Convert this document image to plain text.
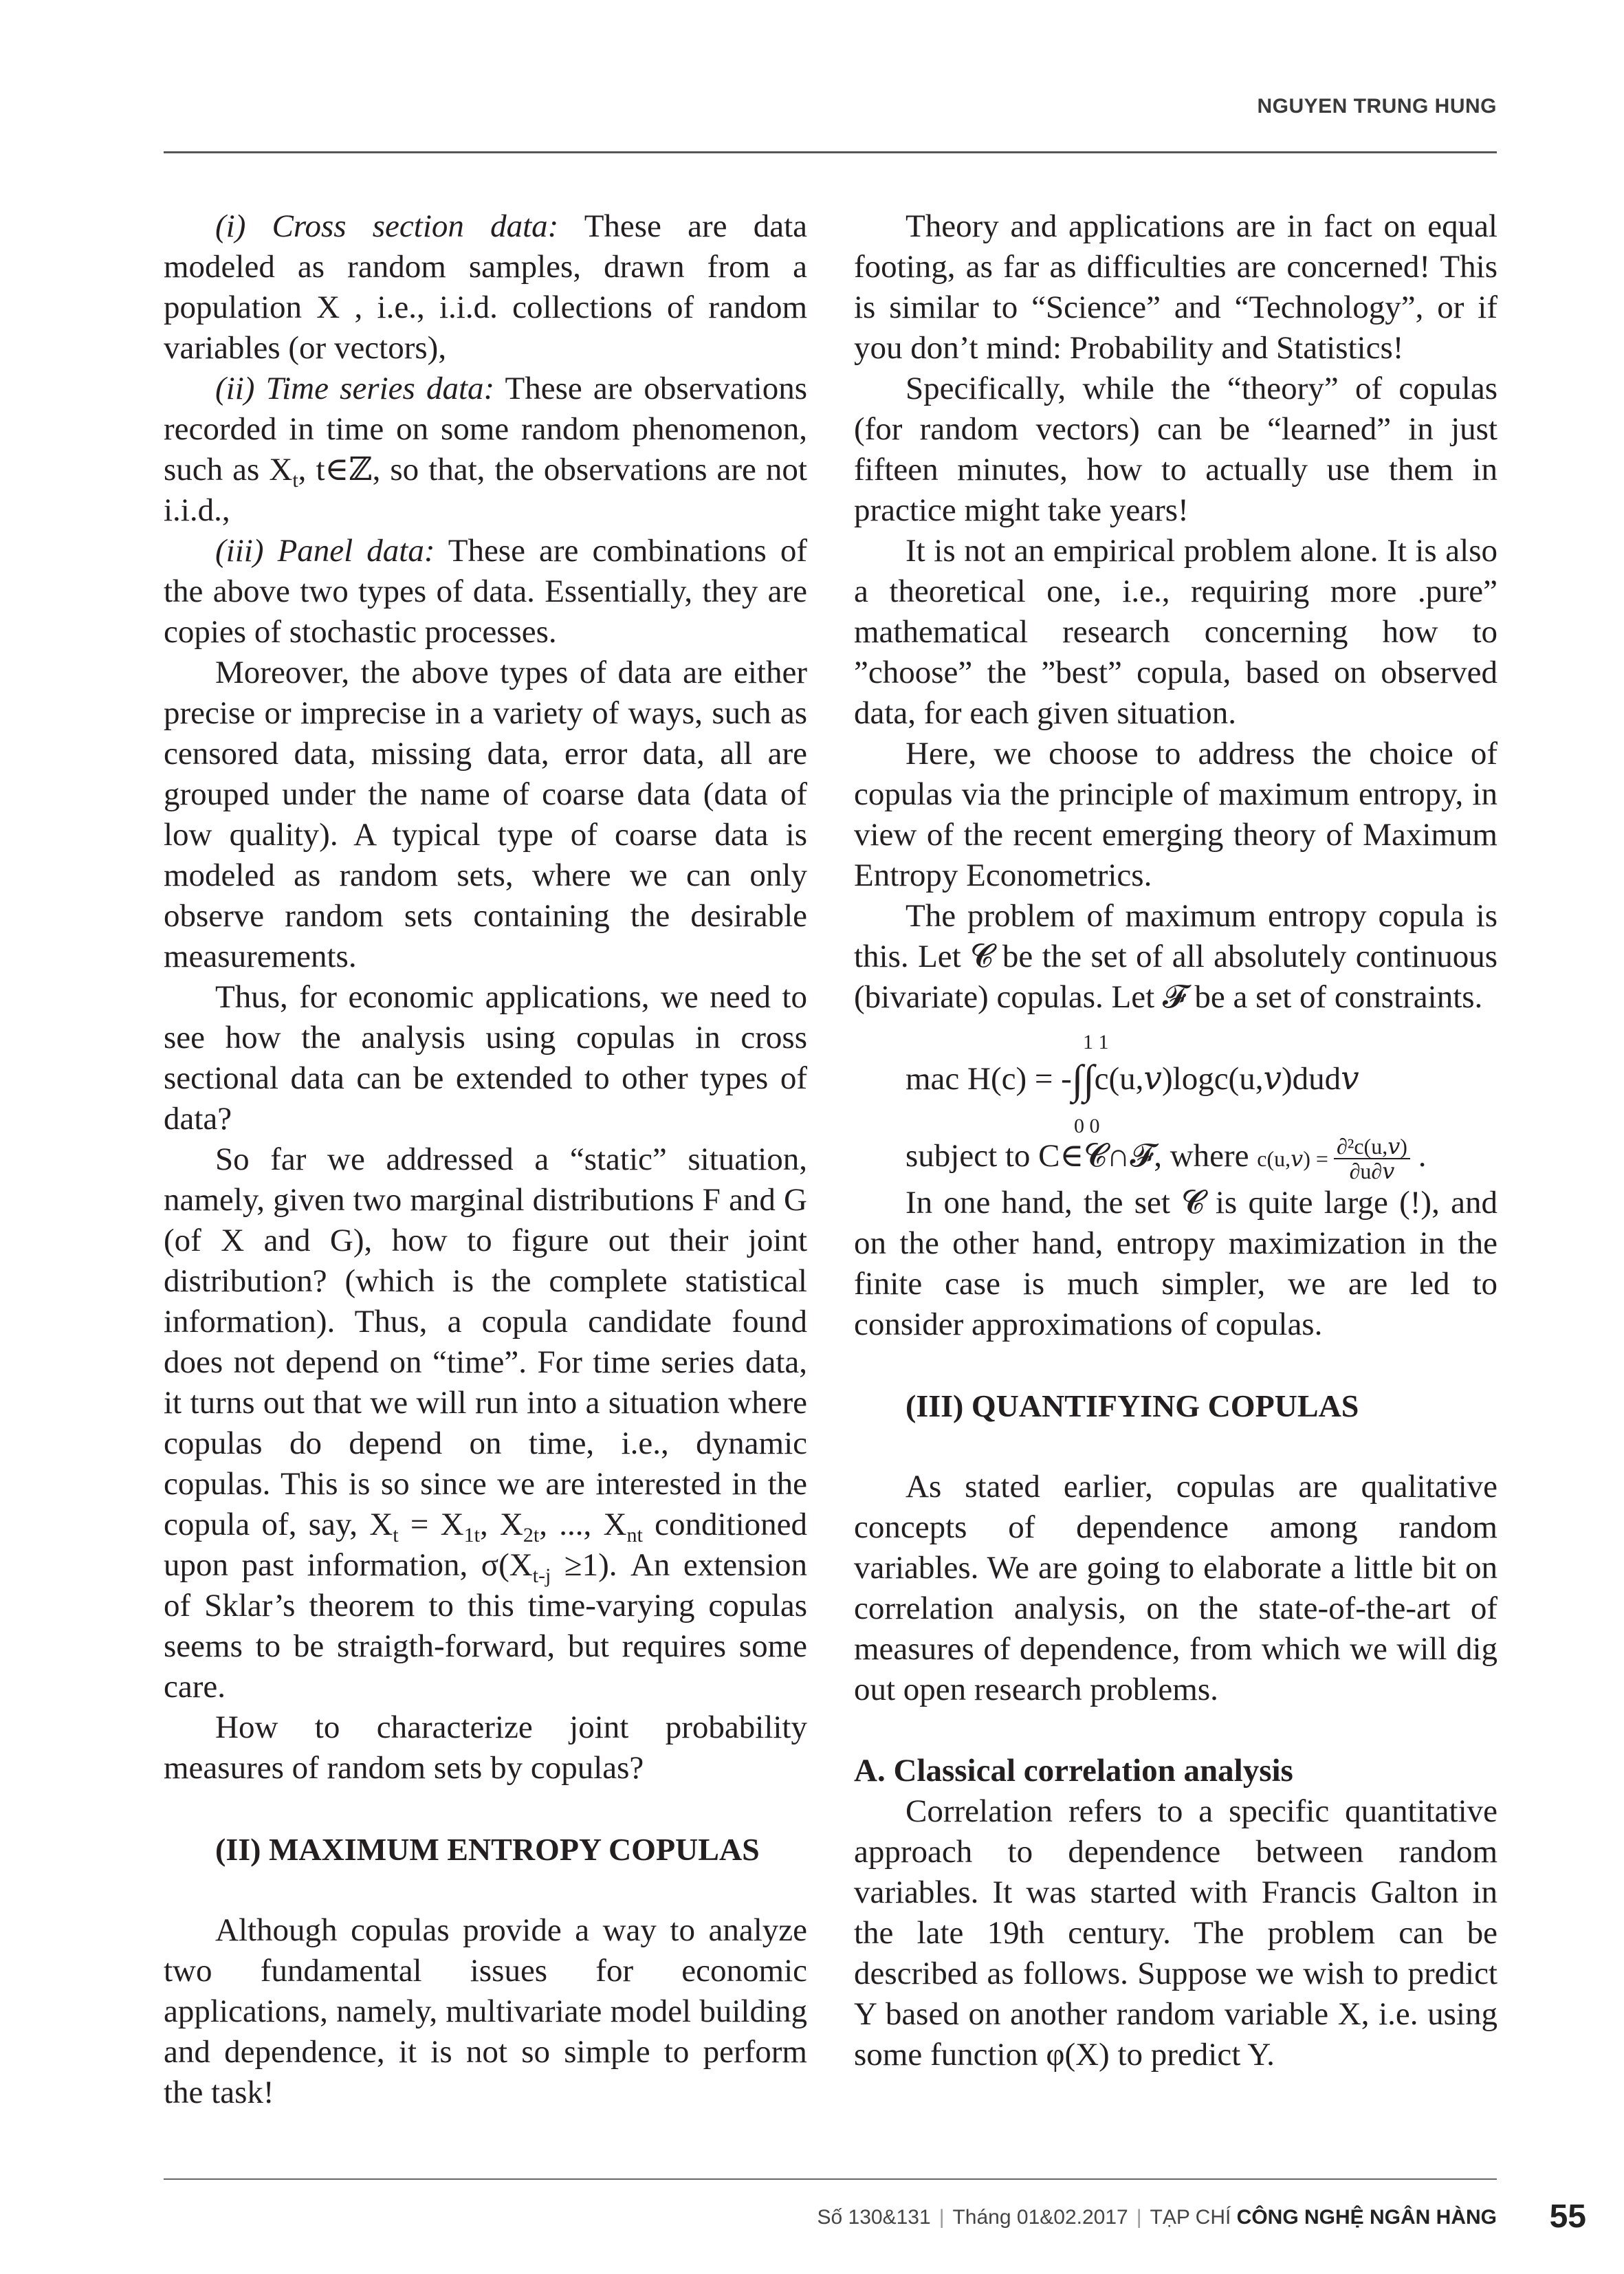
NGUYEN TRUNG HUNG

(i) Cross section data: These are data modeled as random samples, drawn from a population X , i.e., i.i.d. collections of random variables (or vectors),

(ii) Time series data: These are observations recorded in time on some random phenomenon, such as $X_t$, t∈ℤ, so that, the observations are not i.i.d.,

(iii) Panel data: These are combinations of the above two types of data. Essentially, they are copies of stochastic processes.

Moreover, the above types of data are either precise or imprecise in a variety of ways, such as censored data, missing data, error data, all are grouped under the name of coarse data (data of low quality). A typical type of coarse data is modeled as random sets, where we can only observe random sets containing the desirable measurements.

Thus, for economic applications, we need to see how the analysis using copulas in cross sectional data can be extended to other types of data?

So far we addressed a “static” situation, namely, given two marginal distributions F and G (of X and G), how to figure out their joint distribution? (which is the complete statistical information). Thus, a copula candidate found does not depend on “time”. For time series data, it turns out that we will run into a situation where copulas do depend on time, i.e., dynamic copulas. This is so since we are interested in the copula of, say, $X_t = X_{1t}$, $X_{2t}$, ..., $X_{nt}$ conditioned upon past information, $\sigma(X_{t-j} \ge 1)$. An extension of Sklar’s theorem to this time-varying copulas seems to be straigth-forward, but requires some care.

How to characterize joint probability measures of random sets by copulas?

(II) MAXIMUM ENTROPY COPULAS

Although copulas provide a way to analyze two fundamental issues for economic applications, namely, multivariate model building and dependence, it is not so simple to perform the task!

Theory and applications are in fact on equal footing, as far as difficulties are concerned! This is similar to “Science” and “Technology”, or if you don’t mind: Probability and Statistics!

Specifically, while the “theory” of copulas (for random vectors) can be “learned” in just fifteen minutes, how to actually use them in practice might take years!

It is not an empirical problem alone. It is also a theoretical one, i.e., requiring more .pure” mathematical research concerning how to ”choose” the ”best” copula, based on observed data, for each given situation.

Here, we choose to address the choice of copulas via the principle of maximum entropy, in view of the recent emerging theory of Maximum Entropy Econometrics.

The problem of maximum entropy copula is this. Let 𝓒 be the set of all absolutely continuous (bivariate) copulas. Let 𝓕 be a set of constraints.

1 1
mac H(c) = -∫∫c(u,𝑣)logc(u,𝑣)dud𝑣
0 0
subject to C∈𝓒∩𝓕, where c(u,𝑣) = $\frac{\text{∂²c(u,𝑣)}}{\text{∂u∂𝑣}}$ .

In one hand, the set 𝓒 is quite large (!), and on the other hand, entropy maximization in the finite case is much simpler, we are led to consider approximations of copulas.

(III) QUANTIFYING COPULAS

As stated earlier, copulas are qualitative concepts of dependence among random variables. We are going to elaborate a little bit on correlation analysis, on the state-of-the-art of measures of dependence, from which we will dig out open research problems.

A. Classical correlation analysis

Correlation refers to a specific quantitative approach to dependence between random variables. It was started with Francis Galton in the late 19th century. The problem can be described as follows. Suppose we wish to predict Y based on another random variable X, i.e. using some function φ(X) to predict Y.

Số 130&131 | Tháng 01&02.2017 | TẠP CHÍ CÔNG NGHỆ NGÂN HÀNG 55
